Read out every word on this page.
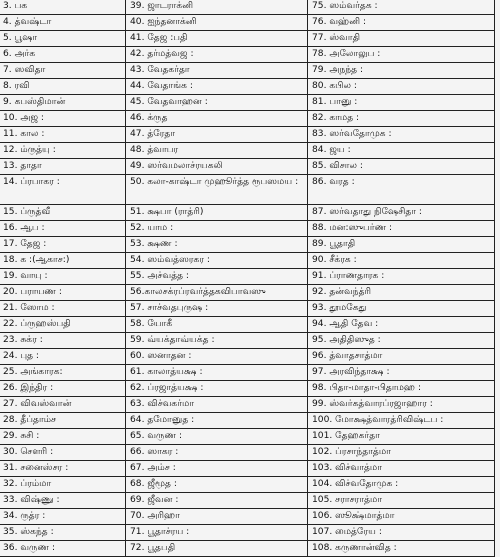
3. பக	39. ஜாடராக்னி	75. ஸம்வர்தக :
4. த்வஷ்டா	40. ஐந்தனாக்னி	76. வஹ்னி :
5. பூஷா	41. தேஜ :பதி	77. ஸ்வாதி
6. அர்க	42. தர்மத்வஜ :	78. அலோலுப :
7. ஸவிதா	43. வேதகர்தா	79. அநந்த :
8. ரவி	44. வேதாங்க :	80. கபில :
9. கபஸ்திமான்	45. வேதவாஹன :	81. பானு :
10. அஜ :	46. க்ருத	82. காமத :
11. கால :	47. த்ரேதா	83. ஸர்வதோமுக :
12. ம்ருத்யு :	48. த்வாபர	84. ஜய :
13. தாதா	49. ஸர்வமலாச்ரயகலி	85. விசால :
14. ப்ரபாகர :	50. கலா-காஷ்டா முஹூர்த்த ரூபஸமய :	86. வரத :
15. ப்ருத்வீ	51. க்ஷபா (ராத்ரி)	87. ஸர்வதாது நிஷேசிதா :
16. ஆப :	52. யாம :	88. மன:ஸுபர்ண :
17. தேஜ :	53. க்ஷண :	89. பூதாதி
18. க :(ஆகாச:)	54. ஸம்வத்ஸரகர :	90. சீக்ரக :
19. வாயு :	55. அச்வத்த :	91. ப்ராணதாரக :
20. பராயண :	56.காலசக்ரப்ரவர்த்தகவிபாவஸு	92. தன்வந்த்ரி
21. ஸோம :	57. சாச்வதபுருஷ :	93. தூமகேது
22. ப்ருஹஸ்பதி	58. யோகீ	94. ஆதி தேவ :
23. சுக்ர :	59. வ்யக்தாவ்யக்த :	95. அதிதிஸுத :
24. புத :	60. ஸனாதன :	96. த்வாதசாத்மா
25. அங்காரக:	61. காலாத்யக்ஷ :	97. அரவிந்தாக்ஷ :
26. இந்திர :	62. ப்ரஜாத்யக்ஷ :	98. பிதா-மாதா-பிதாமஹ :
27. விவஸ்வான்	63. விச்வகர்மா	99. ஸ்வர்கத்வாரப்ரஜாஹார :
28. தீப்தாம்ச	64. தமோனுத :	100. மோக்ஷத்வாரத்ரிவிஷ்டப :
29. சுசி :	65. வருண :	101. தேஹகர்தா
30. சௌரி :	66. ஸாகர :	102. ப்ரசாந்தாத்மா
31. சனைஸ்சர :	67. அம்ச :	103. விச்வாத்மா
32. ப்ரம்மா	68. ஜீமூத :	104. விச்வதோமுக :
33. விஷ்ணு :	69. ஜீவன :	105. சராசராத்மா
34. ருத்ர :	70. அரிஹா	106. ஸூக்ஷ்மாத்மா
35. ஸ்கந்த :	71. பூதாச்ரய :	107. மைத்ரேய :
36. வருண :	72. பூதபதி	108. கருணான்வித :
